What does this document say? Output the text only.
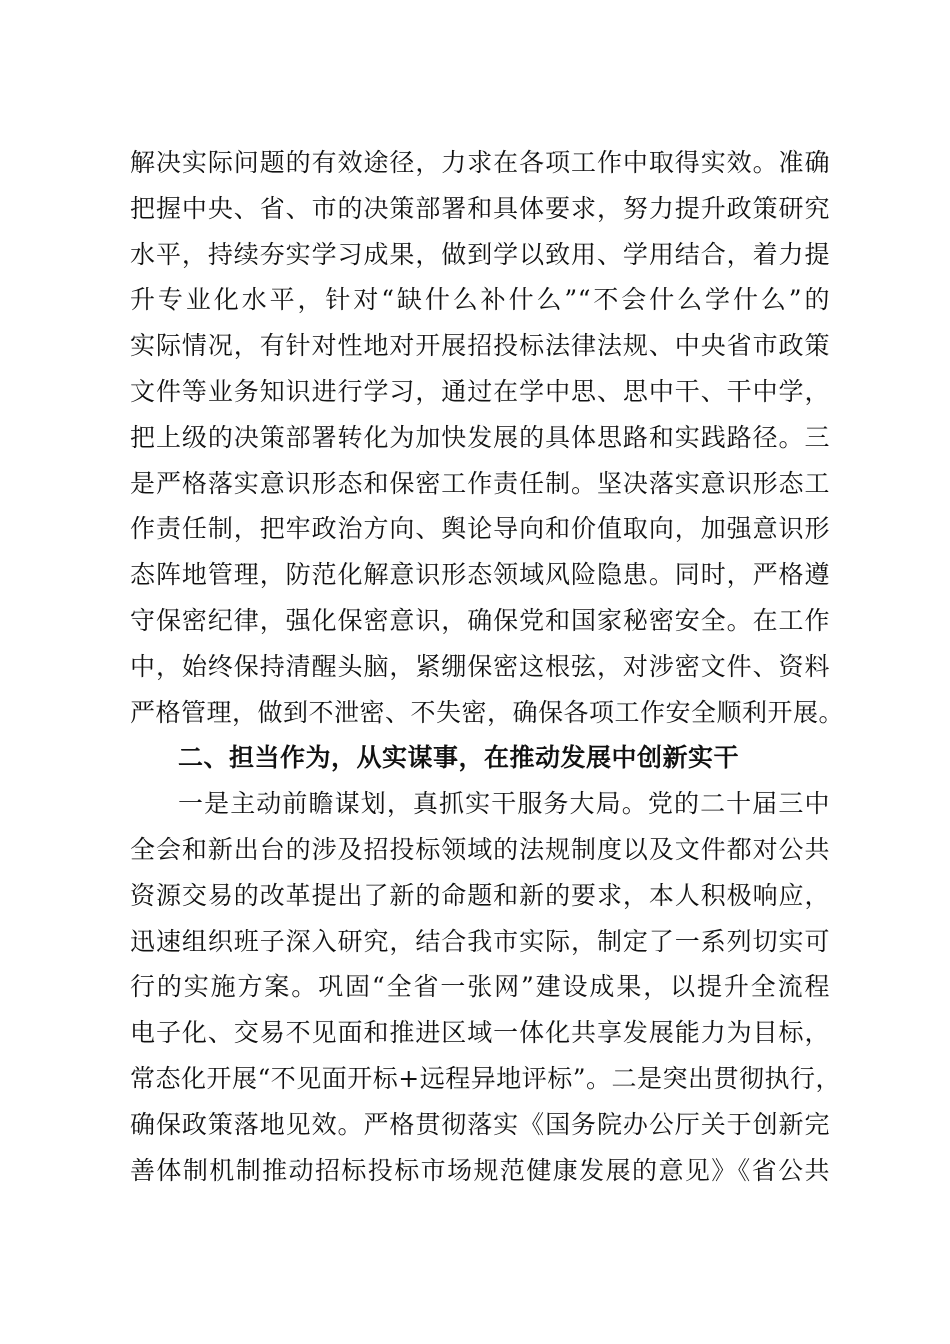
解决实际问题的有效途径，力求在各项工作中取得实效。准确
把握中央、省、市的决策部署和具体要求，努力提升政策研究
水平，持续夯实学习成果，做到学以致用、学用结合，着力提
升专业化水平，针对“缺什么补什么”“不会什么学什么”的
实际情况，有针对性地对开展招投标法律法规、中央省市政策
文件等业务知识进行学习，通过在学中思、思中干、干中学，
把上级的决策部署转化为加快发展的具体思路和实践路径。三
是严格落实意识形态和保密工作责任制。坚决落实意识形态工
作责任制，把牢政治方向、舆论导向和价值取向，加强意识形
态阵地管理，防范化解意识形态领域风险隐患。同时，严格遵
守保密纪律，强化保密意识，确保党和国家秘密安全。在工作
中，始终保持清醒头脑，紧绷保密这根弦，对涉密文件、资料
严格管理，做到不泄密、不失密，确保各项工作安全顺利开展。
二、担当作为，从实谋事，在推动发展中创新实干
一是主动前瞻谋划，真抓实干服务大局。党的二十届三中
全会和新出台的涉及招投标领域的法规制度以及文件都对公共
资源交易的改革提出了新的命题和新的要求，本人积极响应，
迅速组织班子深入研究，结合我市实际，制定了一系列切实可
行的实施方案。巩固“全省一张网”建设成果，以提升全流程
电子化、交易不见面和推进区域一体化共享发展能力为目标，
常态化开展“不见面开标+远程异地评标”。二是突出贯彻执行，
确保政策落地见效。严格贯彻落实《国务院办公厅关于创新完
善体制机制推动招标投标市场规范健康发展的意见》《省公共
